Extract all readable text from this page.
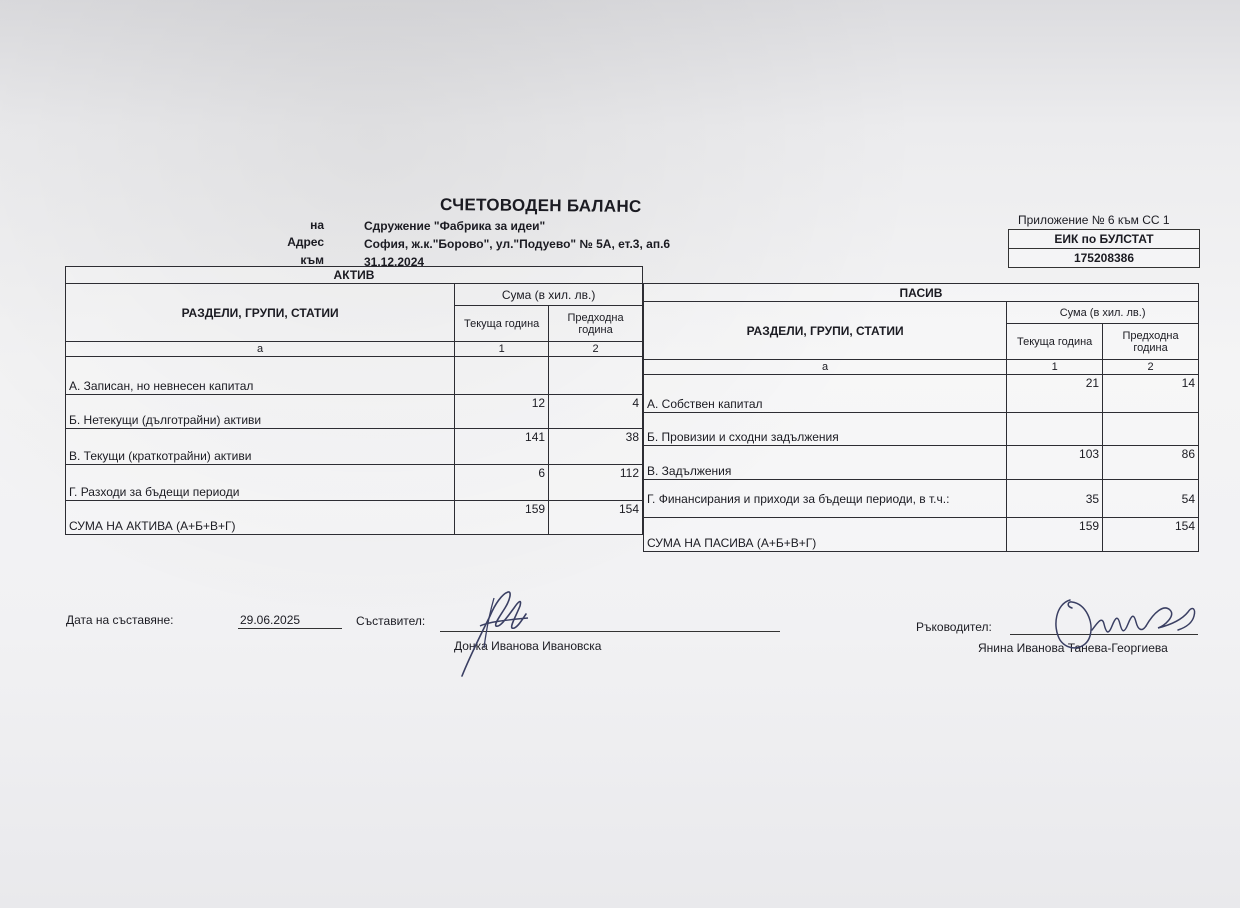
СЧЕТОВОДЕН БАЛАНС
на	Сдружение "Фабрика за идеи"
Адрес	София, ж.к."Борово", ул."Подуево" № 5А, ет.3, ап.6
към	31.12.2024
Приложение № 6 към СС 1
ЕИК по БУЛСТАТ
175208386
АКТИВ		
РАЗДЕЛИ, ГРУПИ, СТАТИИ	Сума (в хил. лв.)	
	Текуща година	Предходна година
а	1	2
А. Записан, но невнесен капитал		
Б. Нетекущи (дълготрайни) активи	12	4
В. Текущи (краткотрайни) активи	141	38
Г. Разходи за бъдещи периоди	6	112
СУМА НА АКТИВА (А+Б+В+Г)	159	154
ПАСИВ		
РАЗДЕЛИ, ГРУПИ, СТАТИИ	Сума (в хил. лв.)	
	Текуща година	Предходна година
а	1	2
А. Собствен капитал	21	14
Б. Провизии и сходни задължения		
В. Задължения	103	86
Г. Финансирания и приходи за бъдещи периоди, в т.ч.:	35	54
СУМА НА ПАСИВА (А+Б+В+Г)	159	154
Дата на съставяне:	29.06.2025	Съставител:
Донка Иванова Ивановска
Ръководител:
Янина Иванова Танева-Георгиева
